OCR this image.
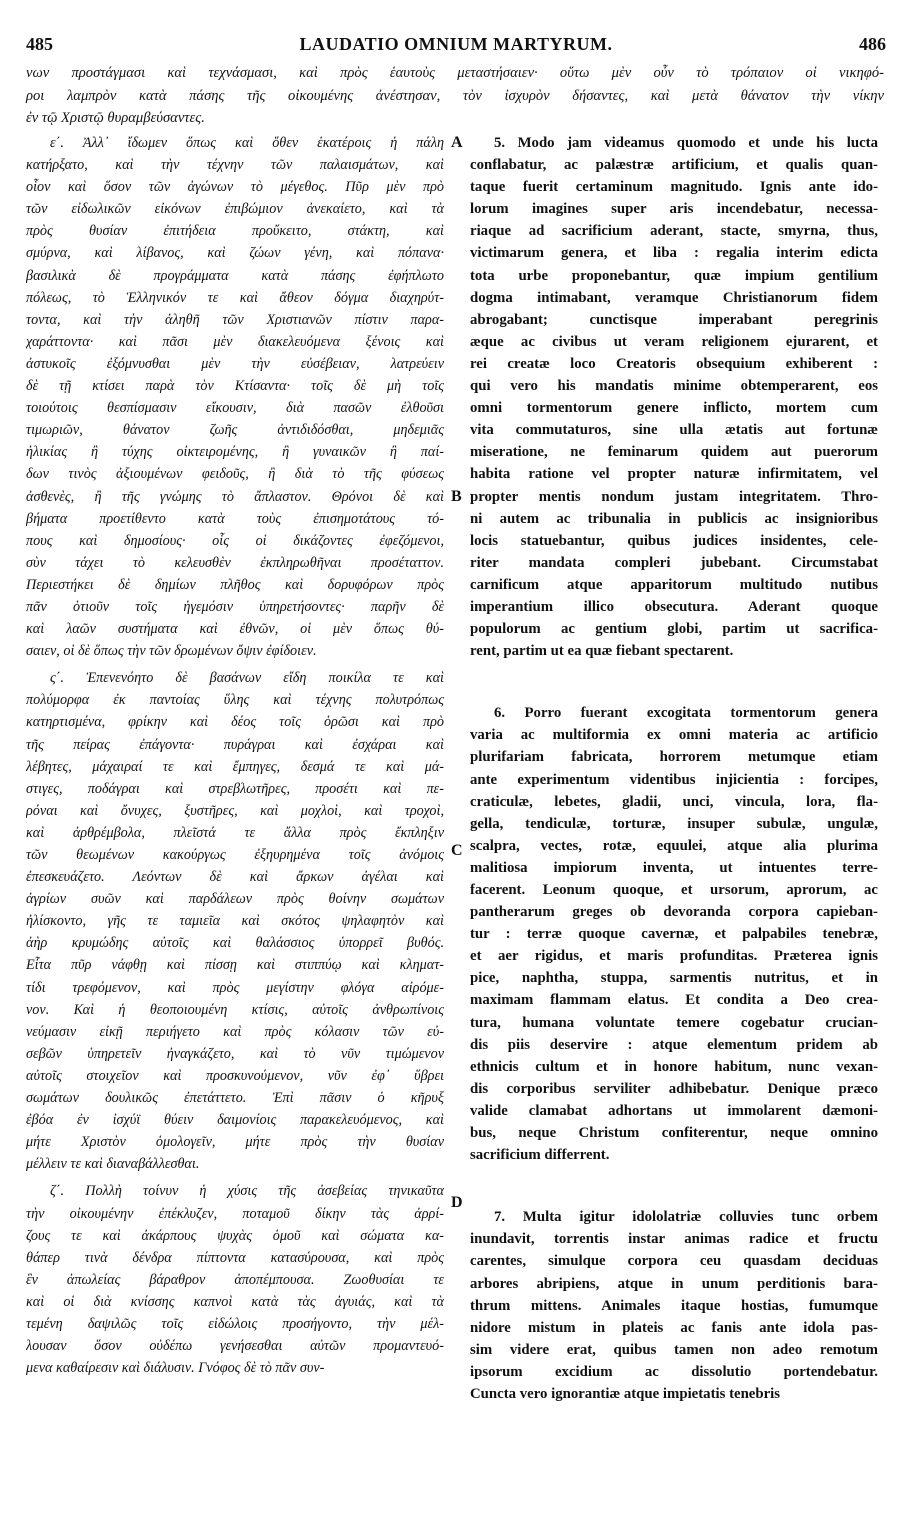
485	LAUDATIO OMNIUM MARTYRUM.	486
νων προστάγμασι καὶ τεχνάσμασι, καὶ πρὸς ἑαυτοὺς μεταστήσαιεν· οὕτω μὲν οὖν τὸ τρόπαιον οἱ νικηφό-
ροι λαμπρὸν κατὰ πάσης τῆς οἰκουμένης ἀνέστησαν, τὸν ἰσχυρὸν δήσαντες, καὶ μετὰ θάνατον τὴν νίκην
ἐν τῷ Χριστῷ θυραμβεύσαντες.
ε΄. Ἀλλ᾽ ἴδωμεν ὅπως καὶ ὅθεν ἑκατέροις ἡ πάλη
κατήρξατο, καὶ τὴν τέχνην τῶν παλαισμάτων, καὶ
οἷον καὶ ὅσον τῶν ἀγώνων τὸ μέγεθος. Πῦρ μὲν πρὸ
τῶν εἰδωλικῶν εἰκόνων ἐπιβώμιον ἀνεκαίετο, καὶ τὰ
πρὸς θυσίαν ἐπιτήδεια προὔκειτο, στάκτη, καὶ
σμύρνα, καὶ λίβανος, καὶ ζώων γένη, καὶ πόπανα·
βασιλικὰ δὲ προγράμματα κατὰ πάσης ἐφήπλωτο
πόλεως, τὸ Ἑλληνικόν τε καὶ ἄθεον δόγμα διαχηρύτ-
τοντα, καὶ τὴν ἀληθῆ τῶν Χριστιανῶν πίστιν παρα-
χαράττοντα· καὶ πᾶσι μὲν διακελευόμενα ξένοις καὶ
ἀστυκοῖς ἐξόμνυσθαι μὲν τὴν εὐσέβειαν, λατρεύειν
δὲ τῇ κτίσει παρὰ τὸν Κτίσαντα· τοῖς δὲ μὴ τοῖς
τοιούτοις θεσπίσμασιν εἴκουσιν, διὰ πασῶν ἐλθοῦσι
τιμωριῶν, θάνατον ζωῆς ἀντιδιδόσθαι, μηδεμιᾶς
ἡλικίας ἢ τύχης οἰκτειρομένης, ἢ γυναικῶν ἢ παί-
δων τινὸς ἀξιουμένων φειδοῦς, ἢ διὰ τὸ τῆς φύσεως
ἀσθενὲς, ἢ τῆς γνώμης τὸ ἄπλαστον. Θρόνοι δὲ καὶ
βήματα προετίθεντο κατὰ τοὺς ἐπισημοτάτους τό-
πους καὶ δημοσίους· οἷς οἱ δικάζοντες ἐφεζόμενοι,
σὺν τάχει τὸ κελευσθὲν ἐκπληρωθῆναι προσέταττον.
Περιεστήκει δὲ δημίων πλῆθος καὶ δορυφόρων πρὸς
πᾶν ὁτιοῦν τοῖς ἡγεμόσιν ὑπηρετήσοντες· παρῆν δὲ
καὶ λαῶν συστήματα καὶ ἐθνῶν, οἱ μὲν ὅπως θύ-
σαιεν, οἱ δὲ ὅπως τὴν τῶν δρωμένων ὄψιν ἐφίδοιεν.
ς΄. Ἐπενενόητο δὲ βασάνων εἴδη ποικίλα τε καὶ
πολύμορφα ἐκ παντοίας ὕλης καὶ τέχνης πολυτρόπως
κατηρτισμένα, φρίκην καὶ δέος τοῖς ὁρῶσι καὶ πρὸ
τῆς πείρας ἐπάγοντα· πυράγραι καὶ ἐσχάραι καὶ
λέβητες, μάχαιραί τε καὶ ἔμπηγες, δεσμά τε καὶ μά-
στιγες, ποδάγραι καὶ στρεβλωτῆρες, προσέτι καὶ πε-
ρόναι καὶ ὄνυχες, ξυστῆρες, καὶ μοχλοὶ, καὶ τροχοὶ,
καὶ ἀρθρέμβολα, πλεῖστά τε ἄλλα πρὸς ἔκπληξιν
τῶν θεωμένων κακούργως ἐξηυρημένα τοῖς ἀνόμοις
ἐπεσκευάζετο. Λεόντων δὲ καὶ ἄρκων ἀγέλαι καὶ
ἀγρίων συῶν καὶ παρδάλεων πρὸς θοίνην σωμάτων
ἠλίσκοντο, γῆς τε ταμιεῖα καὶ σκότος ψηλαφητὸν καὶ
ἀὴρ κρυμώδης αὐτοῖς καὶ θαλάσσιος ὑπορρεῖ βυθός.
Εἶτα πῦρ νάφθῃ καὶ πίσσῃ καὶ στιππύῳ καὶ κληματ-
τίδι τρεφόμενον, καὶ πρὸς μεγίστην φλόγα αἰρόμε-
νον. Καὶ ἡ θεοποιουμένη κτίσις, αὐτοῖς ἀνθρωπίνοις
νεύμασιν εἰκῇ περιήγετο καὶ πρὸς κόλασιν τῶν εὐ-
σεβῶν ὑπηρετεῖν ἠναγκάζετο, καὶ τὸ νῦν τιμώμενον
αὐτοῖς στοιχεῖον καὶ προσκυνούμενον, νῦν ἐφ᾽ ὕβρει
σωμάτων δουλικῶς ἐπετάττετο. Ἐπὶ πᾶσιν ὁ κῆρυξ
ἐβόα ἐν ἰσχύϊ θύειν δαιμονίοις παρακελευόμενος, καὶ
μήτε Χριστὸν ὁμολογεῖν, μήτε πρὸς τὴν θυσίαν
μέλλειν τε καὶ διαναβάλλεσθαι.
ζ΄. Πολλὴ τοίνυν ἡ χύσις τῆς ἀσεβείας τηνικαῦτα
τὴν οἰκουμένην ἐπέκλυζεν, ποταμοῦ δίκην τὰς ἀρρί-
ζους τε καὶ ἀκάρπους ψυχὰς ὁμοῦ καὶ σώματα κα-
θάπερ τινὰ δένδρα πίπτοντα κατασύρουσα, καὶ πρὸς
ἓν ἀπωλείας βάραθρον ἀποπέμπουσα. Ζωοθυσίαι τε
καὶ οἱ διὰ κνίσσης καπνοὶ κατὰ τὰς ἀγυιάς, καὶ τὰ
τεμένη δαψιλῶς τοῖς εἰδώλοις προσήγοντο, τὴν μέλ-
λουσαν ὅσον οὐδέπω γενήσεσθαι αὐτῶν προμαντευό-
μενα καθαίρεσιν καὶ διάλυσιν. Γνόφος δὲ τὸ πᾶν συν-
5. Modo jam videamus quomodo et unde his lucta
conflabatur, ac palæstræ artificium, et qualis quan-
taque fuerit certaminum magnitudo. Ignis ante ido-
lorum imagines super aris incendebatur, necessa-
riaque ad sacrificium aderant, stacte, smyrna, thus,
victimarum genera, et liba : regalia interim edicta
tota urbe proponebantur, quæ impium gentilium
dogma intimabant, veramque Christianorum fidem
abrogabant; cunctisque imperabant peregrinis
æque ac civibus ut veram religionem ejurarent, et
rei creatæ loco Creatoris obsequium exhiberent :
qui vero his mandatis minime obtemperarent, eos
omni tormentorum genere inflicto, mortem cum
vita commutaturos, sine ulla ætatis aut fortunæ
miseratione, ne feminarum quidem aut puerorum
habita ratione vel propter naturæ infirmitatem, vel
propter mentis nondum justam integritatem. Thro-
ni autem ac tribunalia in publicis ac insignioribus
locis statuebantur, quibus judices insidentes, cele-
riter mandata compleri jubebant. Circumstabat
carnificum atque apparitorum multitudo nutibus
imperantium illico obsecutura. Aderant quoque
populorum ac gentium globi, partim ut sacrifica-
rent, partim ut ea quæ fiebant spectarent.
6. Porro fuerant excogitata tormentorum genera
varia ac multiformia ex omni materia ac artificio
plurifariam fabricata, horrorem metumque etiam
ante experimentum videntibus injicientia : forcipes,
craticulæ, lebetes, gladii, unci, vincula, lora, fla-
gella, tendiculæ, torturæ, insuper subulæ, ungulæ,
scalpra, vectes, rotæ, equulei, atque alia plurima
malitiosa impiorum inventa, ut intuentes terre-
facerent. Leonum quoque, et ursorum, aprorum, ac
pantherarum greges ob devoranda corpora capieban-
tur : terræ quoque cavernæ, et palpabiles tenebræ,
et aer rigidus, et maris profunditas. Præterea ignis
pice, naphtha, stuppa, sarmentis nutritus, et in
maximam flammam elatus. Et condita a Deo crea-
tura, humana voluntate temere cogebatur crucian-
dis piis deservire : atque elementum pridem ab
ethnicis cultum et in honore habitum, nunc vexan-
dis corporibus serviliter adhibebatur. Denique præco
valide clamabat adhortans ut immolarent dæmoni-
bus, neque Christum confiterentur, neque omnino
sacrificium differrent.
7. Multa igitur idololatriæ colluvies tunc orbem
inundavit, torrentis instar animas radice et fructu
carentes, simulque corpora ceu quasdam deciduas
arbores abripiens, atque in unum perditionis bara-
thrum mittens. Animales itaque hostias, fumumque
nidore mistum in plateis ac fanis ante idola pas-
sim videre erat, quibus tamen non adeo remotum
ipsorum excidium ac dissolutio portendebatur.
Cuncta vero ignorantiæ atque impietatis tenebris
A
B
C
D
